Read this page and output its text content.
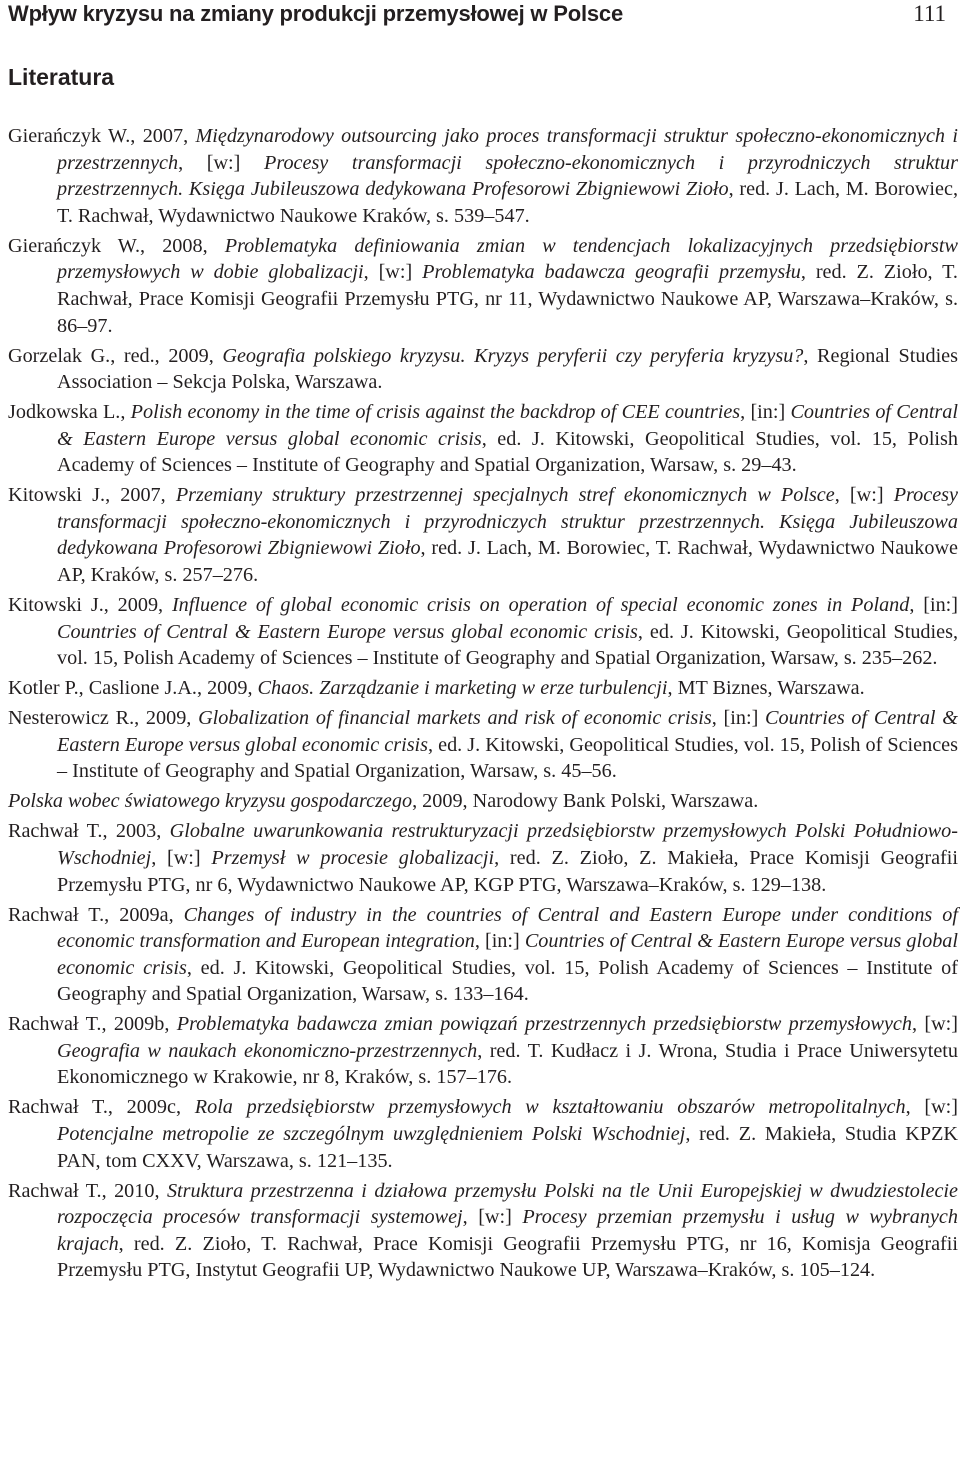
Wpływ kryzysu na zmiany produkcji przemysłowej w Polsce	111
Literatura

Gierańczyk W., 2007, Międzynarodowy outsourcing jako proces transformacji struktur społeczno-ekonomicznych i przestrzennych, [w:] Procesy transformacji społeczno-ekonomicznych i przyrodniczych struktur przestrzennych. Księga Jubileuszowa dedykowana Profesorowi Zbigniewowi Zioło, red. J. Lach, M. Borowiec, T. Rachwał, Wydawnictwo Naukowe Kraków, s. 539–547.

Gierańczyk W., 2008, Problematyka definiowania zmian w tendencjach lokalizacyjnych przedsiębiorstw przemysłowych w dobie globalizacji, [w:] Problematyka badawcza geografii przemysłu, red. Z. Zioło, T. Rachwał, Prace Komisji Geografii Przemysłu PTG, nr 11, Wydawnictwo Naukowe AP, Warszawa–Kraków, s. 86–97.

Gorzelak G., red., 2009, Geografia polskiego kryzysu. Kryzys peryferii czy peryferia kryzysu?, Regional Studies Association – Sekcja Polska, Warszawa.

Jodkowska L., Polish economy in the time of crisis against the backdrop of CEE countries, [in:] Countries of Central & Eastern Europe versus global economic crisis, ed. J. Kitowski, Geopolitical Studies, vol. 15, Polish Academy of Sciences – Institute of Geography and Spatial Organization, Warsaw, s. 29–43.

Kitowski J., 2007, Przemiany struktury przestrzennej specjalnych stref ekonomicznych w Polsce, [w:] Procesy transformacji społeczno-ekonomicznych i przyrodniczych struktur przestrzennych. Księga Jubileuszowa dedykowana Profesorowi Zbigniewowi Zioło, red. J. Lach, M. Borowiec, T. Rachwał, Wydawnictwo Naukowe AP, Kraków, s. 257–276.

Kitowski J., 2009, Influence of global economic crisis on operation of special economic zones in Poland, [in:] Countries of Central & Eastern Europe versus global economic crisis, ed. J. Kitowski, Geopolitical Studies, vol. 15, Polish Academy of Sciences – Institute of Geography and Spatial Organization, Warsaw, s. 235–262.

Kotler P., Caslione J.A., 2009, Chaos. Zarządzanie i marketing w erze turbulencji, MT Biznes, Warszawa.

Nesterowicz R., 2009, Globalization of financial markets and risk of economic crisis, [in:] Countries of Central & Eastern Europe versus global economic crisis, ed. J. Kitowski, Geopolitical Studies, vol. 15, Polish of Sciences – Institute of Geography and Spatial Organization, Warsaw, s. 45–56.

Polska wobec światowego kryzysu gospodarczego, 2009, Narodowy Bank Polski, Warszawa.

Rachwał T., 2003, Globalne uwarunkowania restrukturyzacji przedsiębiorstw przemysłowych Polski Południowo-Wschodniej, [w:] Przemysł w procesie globalizacji, red. Z. Zioło, Z. Makieła, Prace Komisji Geografii Przemysłu PTG, nr 6, Wydawnictwo Naukowe AP, KGP PTG, Warszawa–Kraków, s. 129–138.

Rachwał T., 2009a, Changes of industry in the countries of Central and Eastern Europe under conditions of economic transformation and European integration, [in:] Countries of Central & Eastern Europe versus global economic crisis, ed. J. Kitowski, Geopolitical Studies, vol. 15, Polish Academy of Sciences – Institute of Geography and Spatial Organization, Warsaw, s. 133–164.

Rachwał T., 2009b, Problematyka badawcza zmian powiązań przestrzennych przedsiębiorstw przemysłowych, [w:] Geografia w naukach ekonomiczno-przestrzennych, red. T. Kudłacz i J. Wrona, Studia i Prace Uniwersytetu Ekonomicznego w Krakowie, nr 8, Kraków, s. 157–176.

Rachwał T., 2009c, Rola przedsiębiorstw przemysłowych w kształtowaniu obszarów metropolitalnych, [w:] Potencjalne metropolie ze szczególnym uwzględnieniem Polski Wschodniej, red. Z. Makieła, Studia KPZK PAN, tom CXXV, Warszawa, s. 121–135.

Rachwał T., 2010, Struktura przestrzenna i działowa przemysłu Polski na tle Unii Europejskiej w dwudziestolecie rozpoczęcia procesów transformacji systemowej, [w:] Procesy przemian przemysłu i usług w wybranych krajach, red. Z. Zioło, T. Rachwał, Prace Komisji Geografii Przemysłu PTG, nr 16, Komisja Geografii Przemysłu PTG, Instytut Geografii UP, Wydawnictwo Naukowe UP, Warszawa–Kraków, s. 105–124.
